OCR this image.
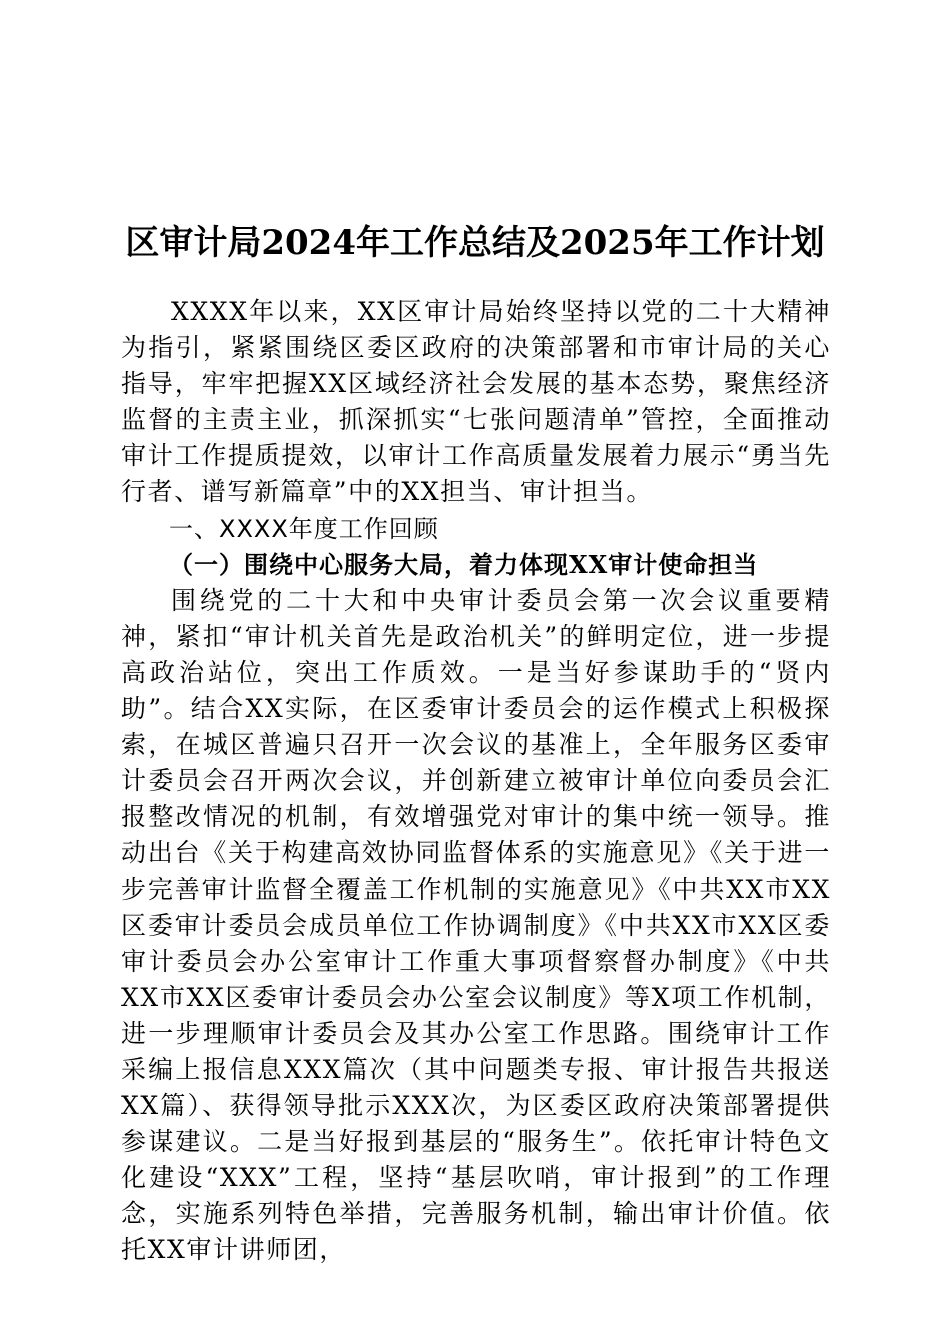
区审计局2024年工作总结及2025年工作计划

XXXX年以来，XX区审计局始终坚持以党的二十大精神为指引，紧紧围绕区委区政府的决策部署和市审计局的关心指导，牢牢把握XX区域经济社会发展的基本态势，聚焦经济监督的主责主业，抓深抓实“七张问题清单”管控，全面推动审计工作提质提效，以审计工作高质量发展着力展示“勇当先行者、谱写新篇章”中的XX担当、审计担当。

一、XXXX年度工作回顾

（一）围绕中心服务大局，着力体现XX审计使命担当

围绕党的二十大和中央审计委员会第一次会议重要精神，紧扣“审计机关首先是政治机关”的鲜明定位，进一步提高政治站位，突出工作质效。一是当好参谋助手的“贤内助”。结合XX实际，在区委审计委员会的运作模式上积极探索，在城区普遍只召开一次会议的基准上，全年服务区委审计委员会召开两次会议，并创新建立被审计单位向委员会汇报整改情况的机制，有效增强党对审计的集中统一领导。推动出台《关于构建高效协同监督体系的实施意见》《关于进一步完善审计监督全覆盖工作机制的实施意见》《中共XX市XX区委审计委员会成员单位工作协调制度》《中共XX市XX区委审计委员会办公室审计工作重大事项督察督办制度》《中共XX市XX区委审计委员会办公室会议制度》等X项工作机制，进一步理顺审计委员会及其办公室工作思路。围绕审计工作采编上报信息XXX篇次（其中问题类专报、审计报告共报送XX篇）、获得领导批示XXX次，为区委区政府决策部署提供参谋建议。二是当好报到基层的“服务生”。依托审计特色文化建设“XXX”工程，坚持“基层吹哨，审计报到”的工作理念，实施系列特色举措，完善服务机制，输出审计价值。依托XX审计讲师团，
